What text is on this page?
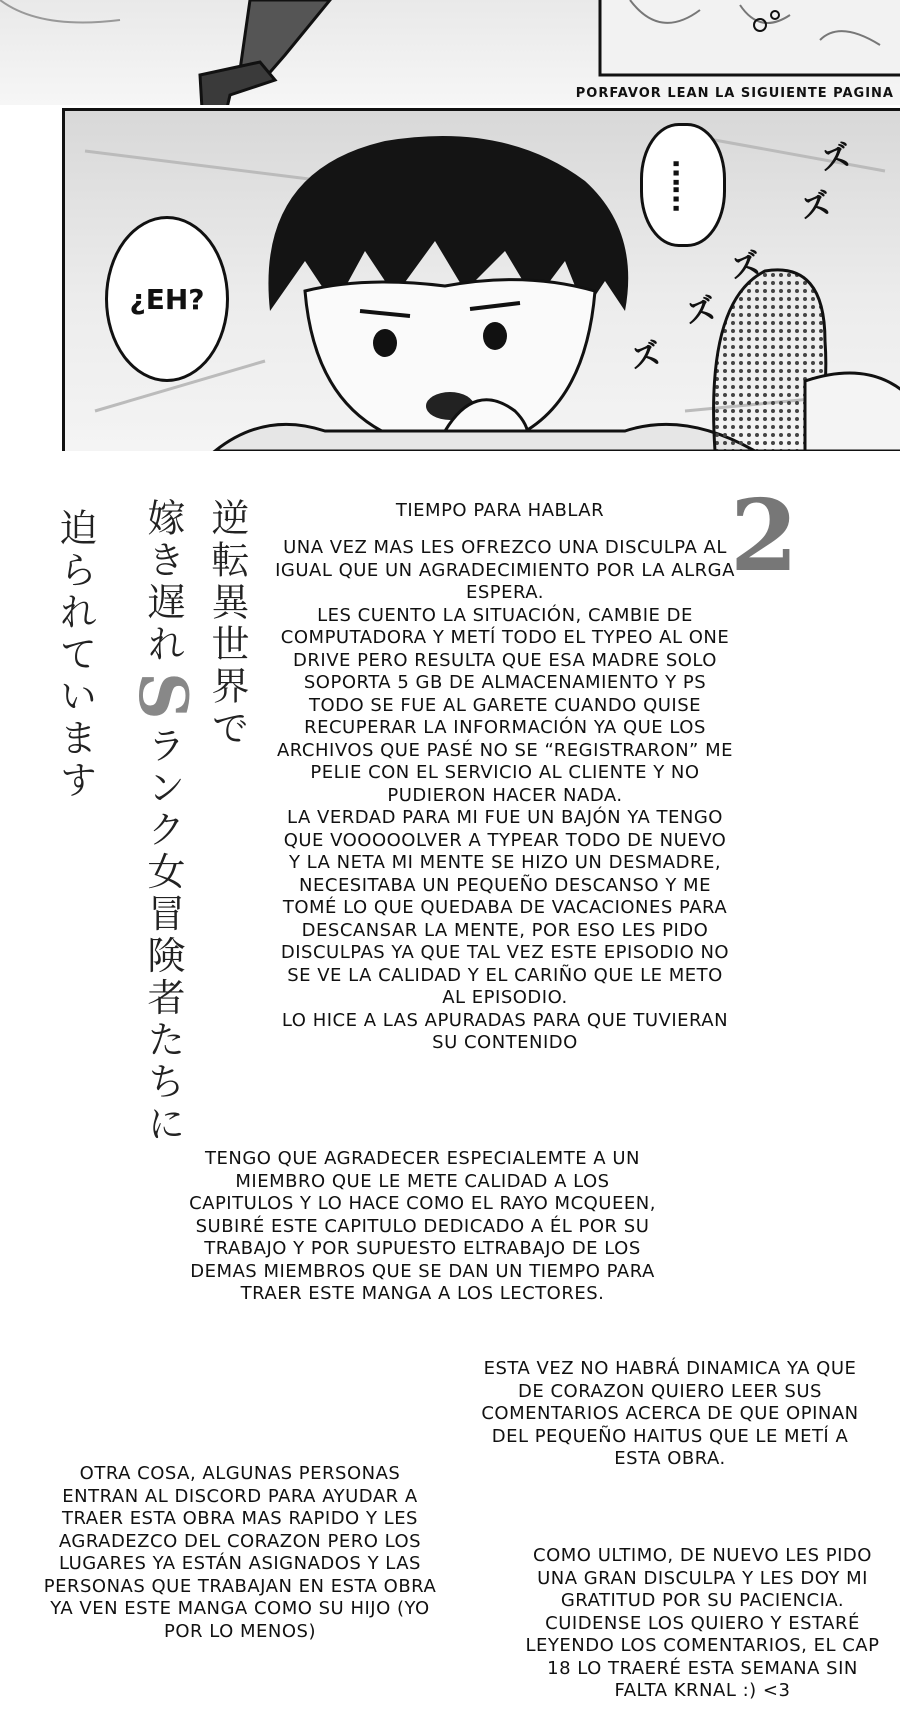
PORFAVOR LEAN LA SIGUIENTE PAGINA
¿EH?
……
ズ
ズ
ズ
ズ
ズ
逆転異世界で
嫁き遅れSランク女冒険者たちに
迫られています	2
TIEMPO PARA HABLAR
UNA VEZ MAS LES OFREZCO UNA DISCULPA AL IGUAL QUE UN AGRADECIMIENTO POR LA ALRGA ESPERA.
LES CUENTO LA SITUACIÓN, CAMBIE DE COMPUTADORA Y METÍ TODO EL TYPEO AL ONE DRIVE PERO RESULTA QUE ESA MADRE SOLO SOPORTA 5 GB DE ALMACENAMIENTO Y PS TODO SE FUE AL GARETE CUANDO QUISE RECUPERAR LA INFORMACIÓN YA QUE LOS ARCHIVOS QUE PASÉ NO SE “REGISTRARON” ME PELIE CON EL SERVICIO AL CLIENTE Y NO PUDIERON HACER NADA.
LA VERDAD PARA MI FUE UN BAJÓN YA TENGO QUE VOOOOOLVER A TYPEAR TODO DE NUEVO Y LA NETA MI MENTE SE HIZO UN DESMADRE, NECESITABA UN PEQUEÑO DESCANSO Y ME TOMÉ LO QUE QUEDABA DE VACACIONES PARA DESCANSAR LA MENTE, POR ESO LES PIDO DISCULPAS YA QUE TAL VEZ ESTE EPISODIO NO SE VE LA CALIDAD Y EL CARIÑO QUE LE METO AL EPISODIO.
LO HICE A LAS APURADAS PARA QUE TUVIERAN SU CONTENIDO
TENGO QUE AGRADECER ESPECIALEMTE A UN MIEMBRO QUE LE METE CALIDAD A LOS CAPITULOS Y LO HACE COMO EL RAYO MCQUEEN, SUBIRÉ ESTE CAPITULO DEDICADO A ÉL POR SU TRABAJO Y POR SUPUESTO ELTRABAJO DE LOS DEMAS MIEMBROS QUE SE DAN UN TIEMPO PARA TRAER ESTE MANGA A LOS LECTORES.
ESTA VEZ NO HABRÁ DINAMICA YA QUE DE CORAZON QUIERO LEER SUS COMENTARIOS ACERCA DE QUE OPINAN DEL PEQUEÑO HAITUS QUE LE METÍ A ESTA OBRA.
OTRA COSA, ALGUNAS PERSONAS ENTRAN AL DISCORD PARA AYUDAR A TRAER ESTA OBRA MAS RAPIDO Y LES AGRADEZCO DEL CORAZON PERO LOS LUGARES YA ESTÁN ASIGNADOS Y LAS PERSONAS QUE TRABAJAN EN ESTA OBRA YA VEN ESTE MANGA COMO SU HIJO (YO POR LO MENOS)
COMO ULTIMO, DE NUEVO LES PIDO UNA GRAN DISCULPA Y LES DOY MI GRATITUD POR SU PACIENCIA. CUIDENSE LOS QUIERO Y ESTARÉ LEYENDO LOS COMENTARIOS, EL CAP 18 LO TRAERÉ ESTA SEMANA SIN FALTA KRNAL :) <3
